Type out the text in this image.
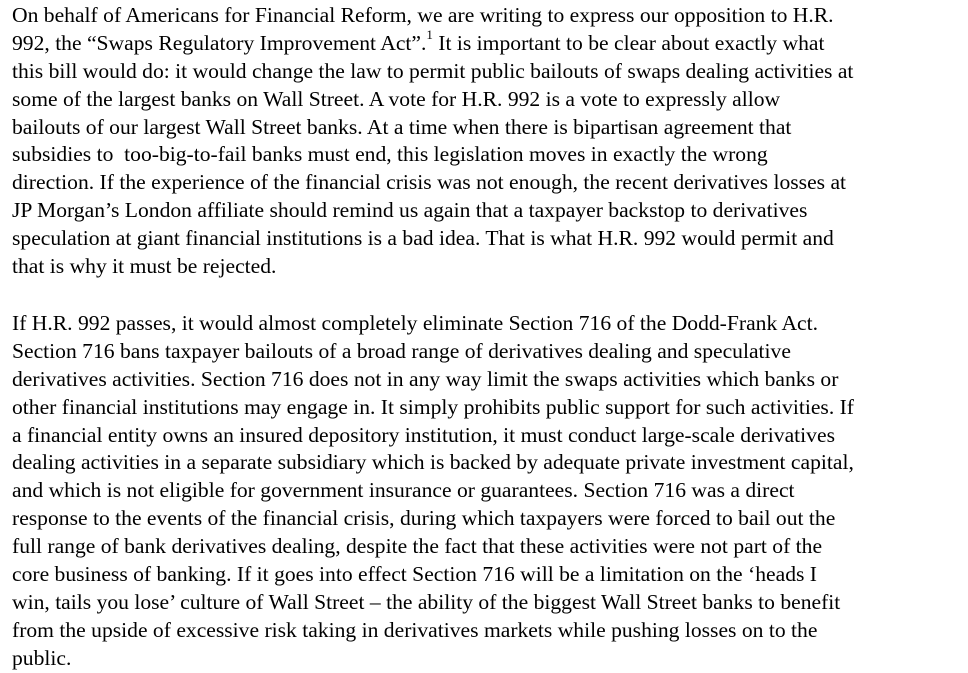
On behalf of Americans for Financial Reform, we are writing to express our opposition to H.R.
992, the “Swaps Regulatory Improvement Act”.$^1$ It is important to be clear about exactly what
this bill would do: it would change the law to permit public bailouts of swaps dealing activities at
some of the largest banks on Wall Street. A vote for H.R. 992 is a vote to expressly allow
bailouts of our largest Wall Street banks. At a time when there is bipartisan agreement that
subsidies to  too-big-to-fail banks must end, this legislation moves in exactly the wrong
direction. If the experience of the financial crisis was not enough, the recent derivatives losses at
JP Morgan’s London affiliate should remind us again that a taxpayer backstop to derivatives
speculation at giant financial institutions is a bad idea. That is what H.R. 992 would permit and
that is why it must be rejected.
If H.R. 992 passes, it would almost completely eliminate Section 716 of the Dodd-Frank Act.
Section 716 bans taxpayer bailouts of a broad range of derivatives dealing and speculative
derivatives activities. Section 716 does not in any way limit the swaps activities which banks or
other financial institutions may engage in. It simply prohibits public support for such activities. If
a financial entity owns an insured depository institution, it must conduct large-scale derivatives
dealing activities in a separate subsidiary which is backed by adequate private investment capital,
and which is not eligible for government insurance or guarantees. Section 716 was a direct
response to the events of the financial crisis, during which taxpayers were forced to bail out the
full range of bank derivatives dealing, despite the fact that these activities were not part of the
core business of banking. If it goes into effect Section 716 will be a limitation on the ‘heads I
win, tails you lose’ culture of Wall Street – the ability of the biggest Wall Street banks to benefit
from the upside of excessive risk taking in derivatives markets while pushing losses on to the
public.
